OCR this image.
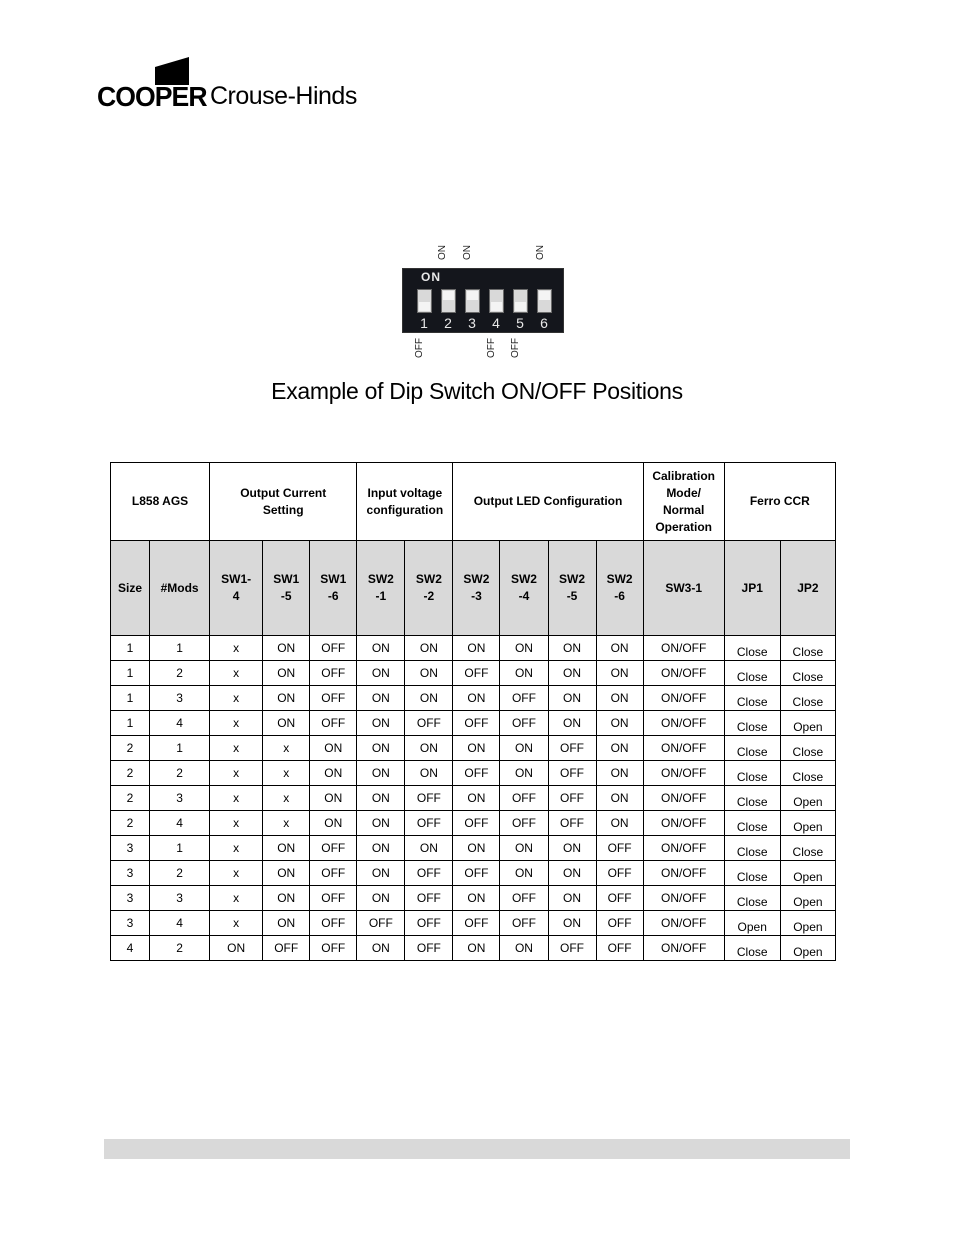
COOPER Crouse-Hinds
ON ON	ON
ON
1 2 3 4 5 6
OFF	OFF OFF
Example of Dip Switch ON/OFF Positions
L858 AGS		Output Current Setting			Input voltage configuration		Output LED Configuration				Calibration Mode/ Normal Operation	Ferro CCR	
Size	#Mods	SW1-4	SW1-5	SW1-6	SW2-1	SW2-2	SW2-3	SW2-4	SW2-5	SW2-6	SW3-1	JP1	JP2
1	1	x	ON	OFF	ON	ON	ON	ON	ON	ON	ON/OFF	Close	Close
1	2	x	ON	OFF	ON	ON	OFF	ON	ON	ON	ON/OFF	Close	Close
1	3	x	ON	OFF	ON	ON	ON	OFF	ON	ON	ON/OFF	Close	Close
1	4	x	ON	OFF	ON	OFF	OFF	OFF	ON	ON	ON/OFF	Close	Open
2	1	x	x	ON	ON	ON	ON	ON	OFF	ON	ON/OFF	Close	Close
2	2	x	x	ON	ON	ON	OFF	ON	OFF	ON	ON/OFF	Close	Close
2	3	x	x	ON	ON	OFF	ON	OFF	OFF	ON	ON/OFF	Close	Open
2	4	x	x	ON	ON	OFF	OFF	OFF	OFF	ON	ON/OFF	Close	Open
3	1	x	ON	OFF	ON	ON	ON	ON	ON	OFF	ON/OFF	Close	Close
3	2	x	ON	OFF	ON	OFF	OFF	ON	ON	OFF	ON/OFF	Close	Open
3	3	x	ON	OFF	ON	OFF	ON	OFF	ON	OFF	ON/OFF	Close	Open
3	4	x	ON	OFF	OFF	OFF	OFF	OFF	ON	OFF	ON/OFF	Open	Open
4	2	ON	OFF	OFF	ON	OFF	ON	ON	OFF	OFF	ON/OFF	Close	Open
